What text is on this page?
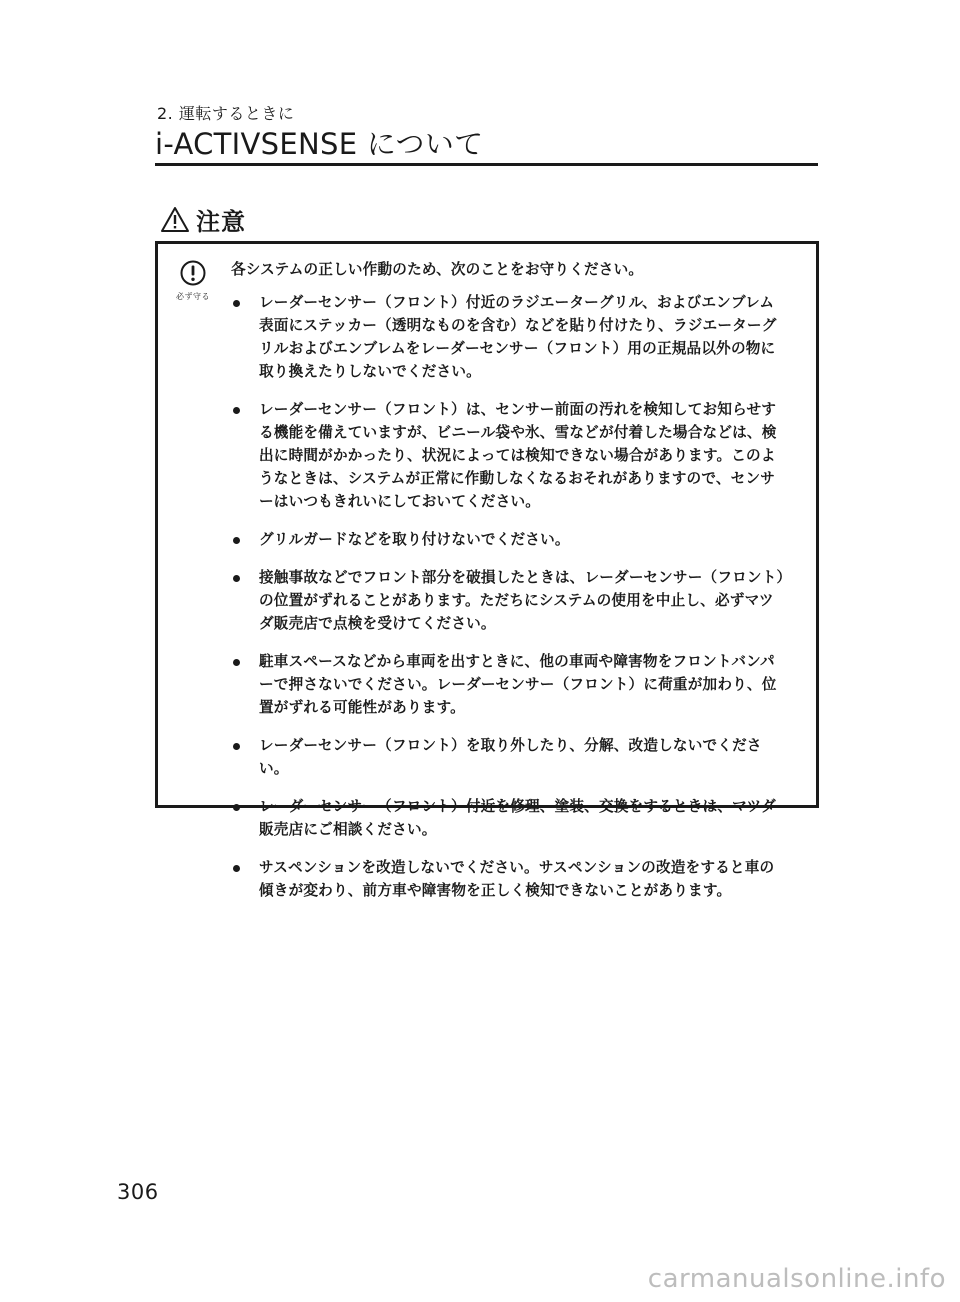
2. 運転するときに
i-ACTIVSENSE について
注意
必ず守る

各システムの正しい作動のため、次のことをお守りください。

レーダーセンサー（フロント）付近のラジエーターグリル、およびエンブレム表面にステッカー（透明なものを含む）などを貼り付けたり、ラジエーターグリルおよびエンブレムをレーダーセンサー（フロント）用の正規品以外の物に取り換えたりしないでください。
レーダーセンサー（フロント）は、センサー前面の汚れを検知してお知らせする機能を備えていますが、ビニール袋や氷、雪などが付着した場合などは、検出に時間がかかったり、状況によっては検知できない場合があります。このようなときは、システムが正常に作動しなくなるおそれがありますので、センサーはいつもきれいにしておいてください。
グリルガードなどを取り付けないでください。
接触事故などでフロント部分を破損したときは、レーダーセンサー（フロント）の位置がずれることがあります。ただちにシステムの使用を中止し、必ずマツダ販売店で点検を受けてください。
駐車スペースなどから車両を出すときに、他の車両や障害物をフロントバンパーで押さないでください。レーダーセンサー（フロント）に荷重が加わり、位置がずれる可能性があります。
レーダーセンサー（フロント）を取り外したり、分解、改造しないでください。
レーダーセンサー（フロント）付近を修理、塗装、交換をするときは、マツダ販売店にご相談ください。
サスペンションを改造しないでください。サスペンションの改造をすると車の傾きが変わり、前方車や障害物を正しく検知できないことがあります。
306
carmanualsonline.info
